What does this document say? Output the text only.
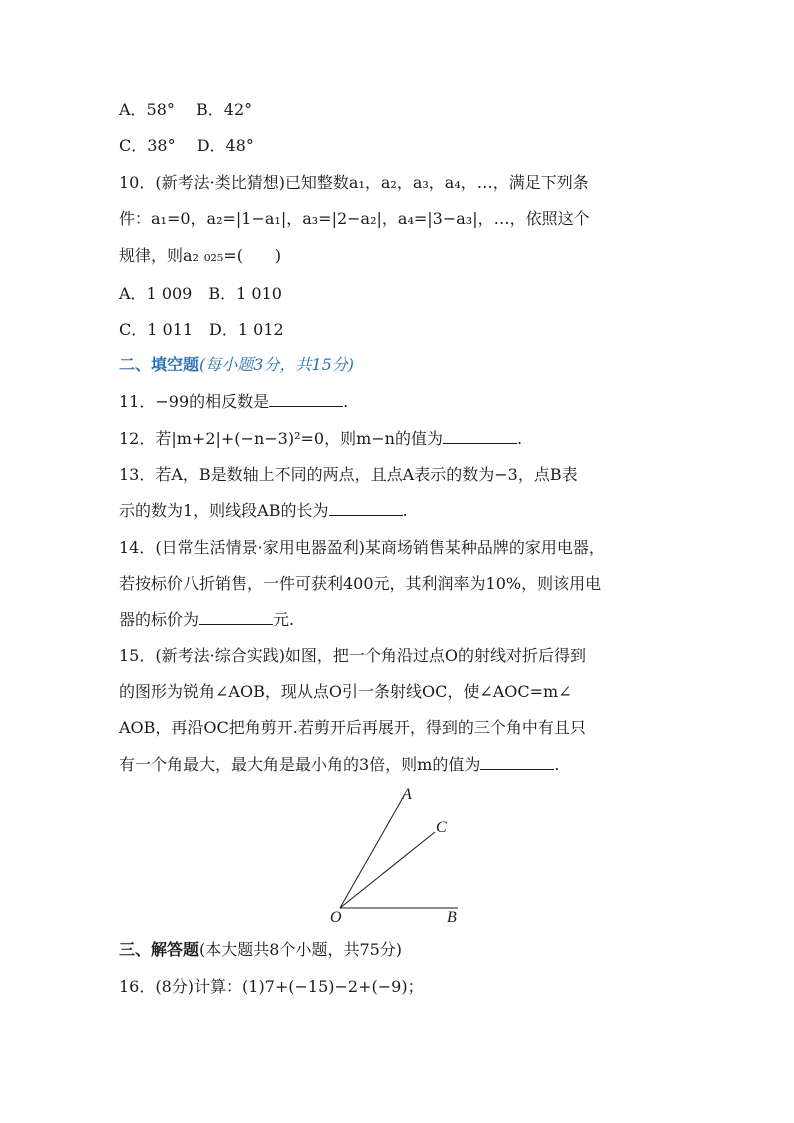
A．58°　 B．42°
C．38°　 D．48°
10．(新考法·类比猜想)已知整数a₁，a₂，a₃，a₄，…，满足下列条
件：a₁=0，a₂=|1−a₁|，a₃=|2−a₂|，a₄=|3−a₃|，…，依照这个
规律，则a₂ ₀₂₅=(　　)
A．1 009　B．1 010
C．1 011　D．1 012
二、填空题(每小题3分，共15分)
11．−99的相反数是	.
12．若|m+2|+(−n−3)²=0，则m−n的值为	.
13．若A，B是数轴上不同的两点，且点A表示的数为−3，点B表
示的数为1，则线段AB的长为	.
14．(日常生活情景·家用电器盈利)某商场销售某种品牌的家用电器，
若按标价八折销售，一件可获利400元，其利润率为10%，则该用电
器的标价为	元.
15．(新考法·综合实践)如图，把一个角沿过点O的射线对折后得到
的图形为锐角∠AOB，现从点O引一条射线OC，使∠AOC=m∠
AOB，再沿OC把角剪开.若剪开后再展开，得到的三个角中有且只
有一个角最大，最大角是最小角的3倍，则m的值为	.
A
C
O	B
三、解答题(本大题共8个小题，共75分)
16．(8分)计算：(1)7+(−15)−2+(−9)；
